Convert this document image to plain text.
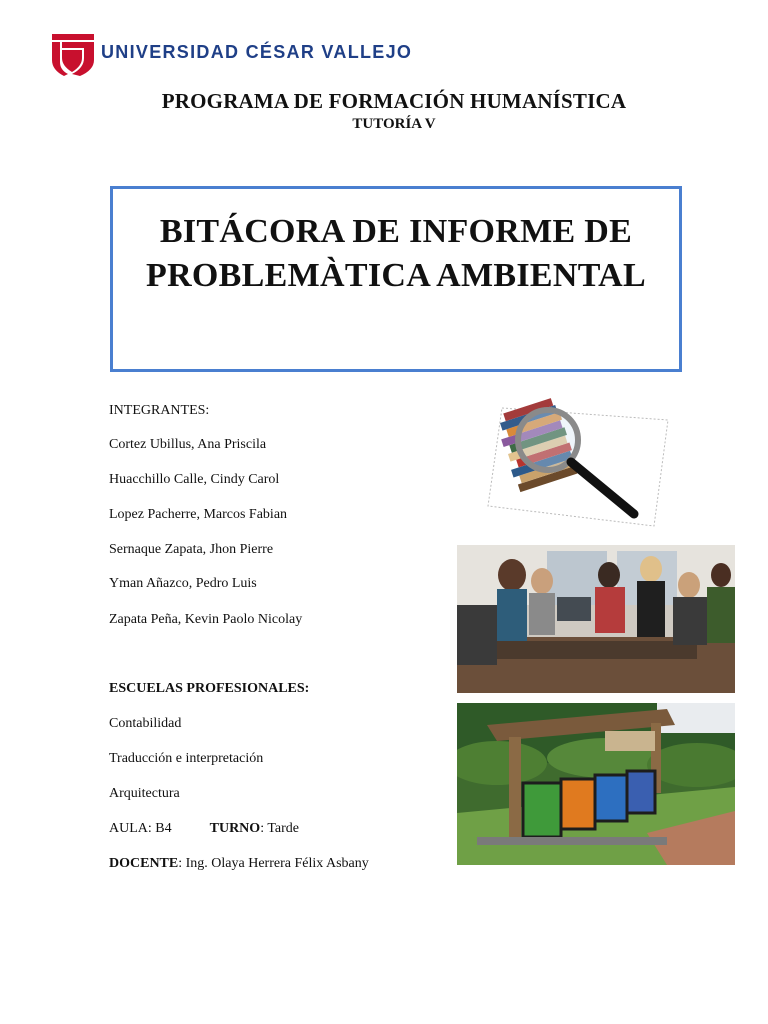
UNIVERSIDAD CÉSAR VALLEJO
PROGRAMA DE FORMACIÓN HUMANÍSTICA
TUTORÍA V
BITÁCORA DE INFORME DE
PROBLEMÀTICA AMBIENTAL
INTEGRANTES:
Cortez Ubillus, Ana Priscila
Huacchillo Calle, Cindy Carol
Lopez Pacherre, Marcos Fabian
Sernaque Zapata, Jhon Pierre
Yman Añazco, Pedro Luis
Zapata Peña, Kevin Paolo Nicolay
ESCUELAS PROFESIONALES:
Contabilidad
Traducción e interpretación
Arquitectura
AULA: B4	TURNO: Tarde
DOCENTE: Ing. Olaya Herrera Félix Asbany
